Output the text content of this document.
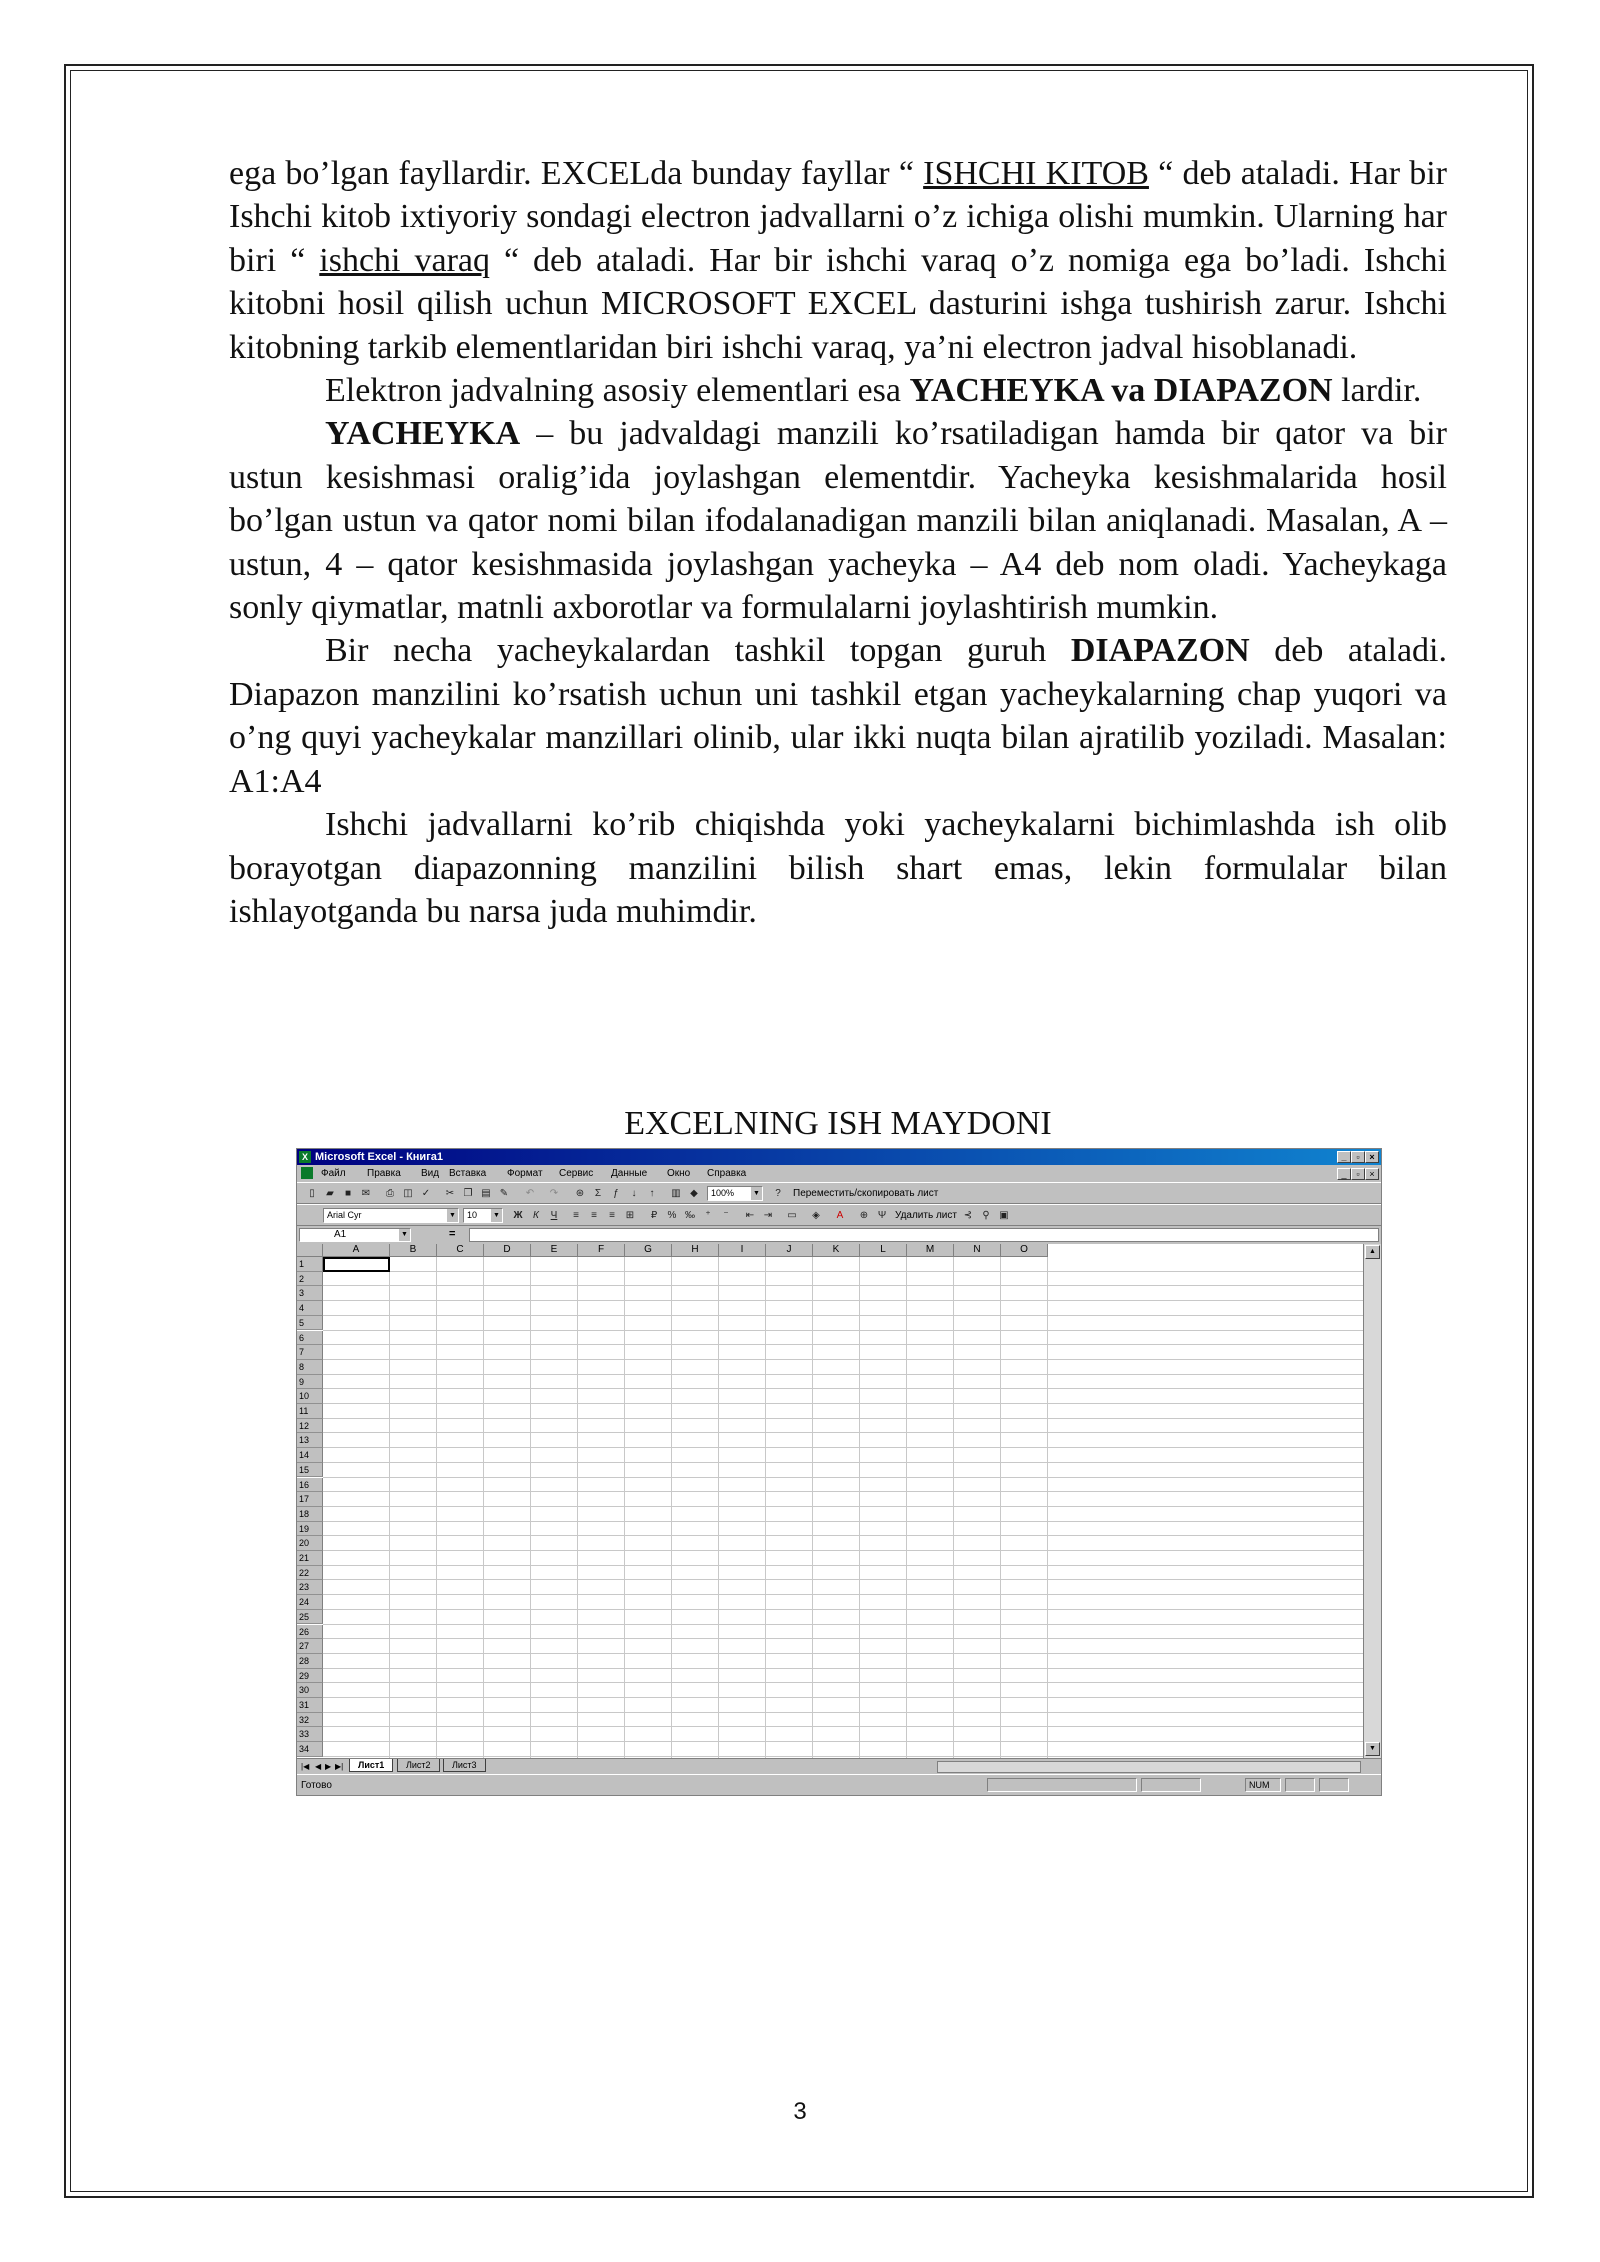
ega bo’lgan fayllardir. EXCELda bunday fayllar “ ISHCHI KITOB “ deb ataladi. Har bir Ishchi kitob ixtiyoriy sondagi electron jadvallarni o’z ichiga olishi mumkin. Ularning har biri “ ishchi varaq “ deb ataladi. Har bir ishchi varaq o’z nomiga ega bo’ladi. Ishchi kitobni hosil qilish uchun MICROSOFT EXCEL dasturini ishga tushirish zarur. Ishchi kitobning tarkib elementlaridan biri ishchi varaq, ya’ni electron jadval hisoblanadi.

Elektron jadvalning asosiy elementlari esa YACHEYKA va DIAPAZON lardir.

YACHEYKA – bu jadvaldagi manzili ko’rsatiladigan hamda bir qator va bir ustun kesishmasi oralig’ida joylashgan elementdir. Yacheyka kesishmalarida hosil bo’lgan ustun va qator nomi bilan ifodalanadigan manzili bilan aniqlanadi. Masalan, A – ustun, 4 – qator kesishmasida joylashgan yacheyka – A4 deb nom oladi. Yacheykaga sonly qiymatlar, matnli axborotlar va formulalarni joylashtirish mumkin.

Bir necha yacheykalardan tashkil topgan guruh DIAPAZON deb ataladi. Diapazon manzilini ko’rsatish uchun uni tashkil etgan yacheykalarning chap yuqori va o’ng quyi yacheykalar manzillari olinib, ular ikki nuqta bilan ajratilib yoziladi. Masalan: A1:A4

Ishchi jadvallarni ko’rib chiqishda yoki yacheykalarni bichimlashda ish olib borayotgan diapazonning manzilini bilish shart emas, lekin formulalar bilan ishlayotganda bu narsa juda muhimdir.

EXCELNING ISH MAYDONI
X Microsoft Excel - Книга1	_	▫	×
Файл Правка Вид Вставка Формат Сервис Данные Окно Справка	_	▫	×
▯	▰	■	✉	⎙ ◫ ✓ ✂ ❐ ▤ ✎ ↶ ↷ ⊛	Σ	ƒ	↓	↑	▥ ◆	100%	▼	?	Переместить/скопировать лист
Arial Cyr	▼	10 ▼ Ж	К	Ч	≡	≡	≡	⊞	₽	% ‰	⁺	⁻	⇤ ⇥ ▭	◈	A	⊕ Ψ Удалить лист ⊰	⚲ ▣
A1	▼	=
A	B	C	D	E	F	G	H	I	J	K	L	M	N	O
1
2
3
4
5
6
7
8
9
10
11
12
13
14
15
16
17
18
19
20
21
22
23
24
25
26
27
28
29
30
31
32
33
34
▲
▼
|◀ ◀ ▶ ▶|	Лист1	Лист2	Лист3
Готово	NUM
3
